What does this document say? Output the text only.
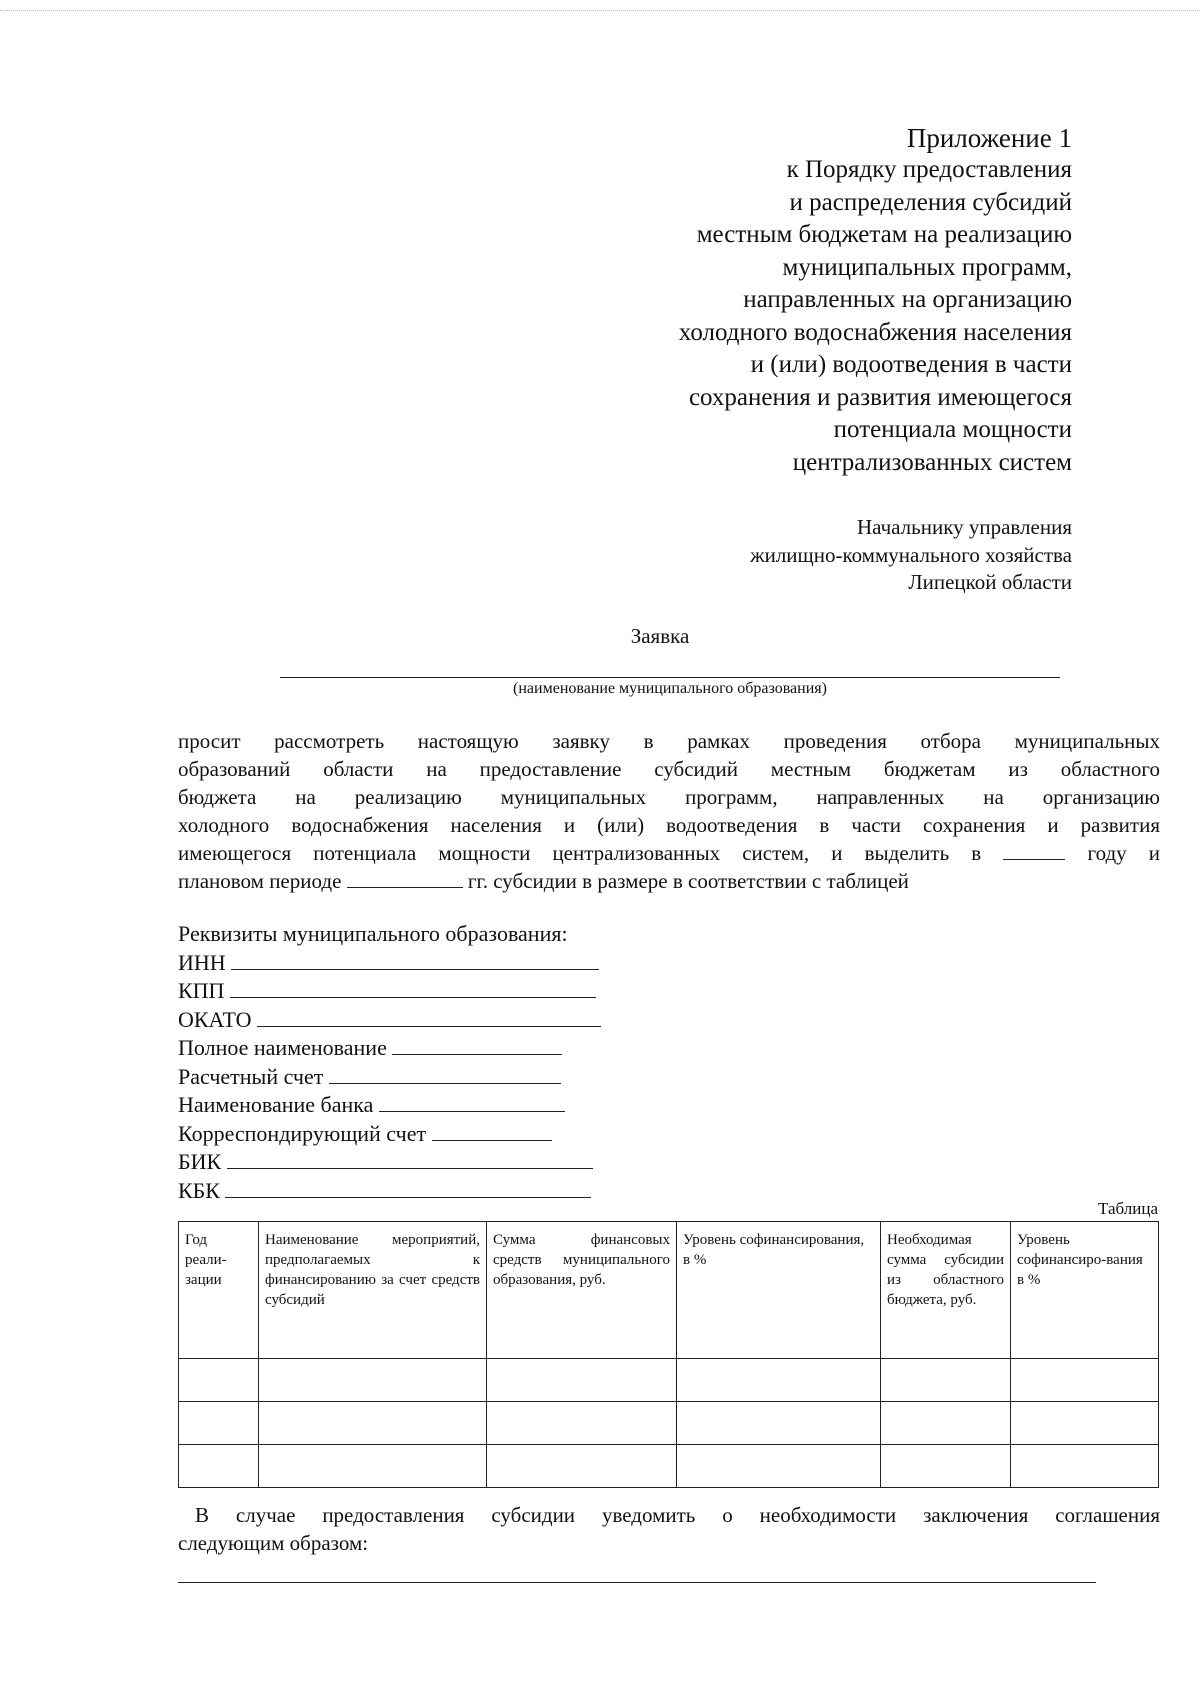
Приложение 1
к Порядку предоставления
и распределения субсидий
местным бюджетам на реализацию
муниципальных программ,
направленных на организацию
холодного водоснабжения населения
и (или) водоотведения в части
сохранения и развития имеющегося
потенциала мощности
централизованных систем
Начальнику управления
жилищно-коммунального хозяйства
Липецкой области
Заявка
(наименование муниципального образования)
просит рассмотреть настоящую заявку в рамках проведения отбора муниципальных
образований области на предоставление субсидий местным бюджетам из областного
бюджета на реализацию муниципальных программ, направленных на организацию
холодного водоснабжения населения и (или) водоотведения в части сохранения и развития
имеющегося потенциала мощности централизованных систем, и выделить в	году и
плановом периоде	гг. субсидии в размере в соответствии с таблицей
Реквизиты муниципального образования:
ИНН
КПП
ОКАТО
Полное наименование
Расчетный счет
Наименование банка
Корреспондирующий счет
БИК
КБК
Таблица
Год реали-зации	Наименование мероприятий, предполагаемых к финансированию за счет средств субсидий	Сумма финансовых средств муниципального образования, руб.	Уровень софинансирования, в %	Необходимая сумма субсидии из областного бюджета, руб.	Уровень софинансиро-вания в %

В случае предоставления субсидии уведомить о необходимости заключения соглашения
следующим образом:
